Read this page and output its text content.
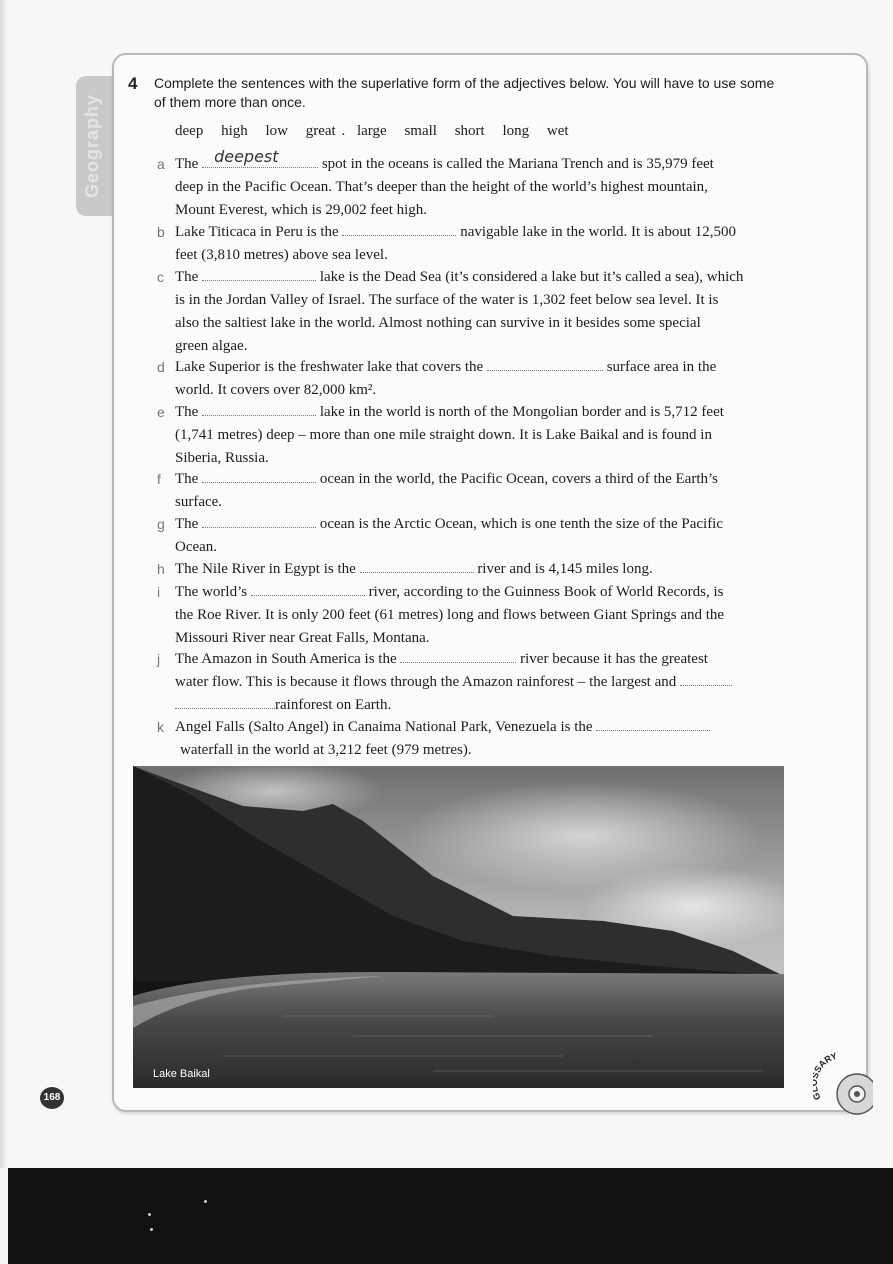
Geography
4 Complete the sentences with the superlative form of the adjectives below. You will have to use some of them more than once.
deep high low great . large small short long wet
a The deepest	spot in the oceans is called the Mariana Trench and is 35,979 feet
deep in the Pacific Ocean. That’s deeper than the height of the world’s highest mountain,
Mount Everest, which is 29,002 feet high.
b Lake Titicaca in Peru is the	navigable lake in the world. It is about 12,500
feet (3,810 metres) above sea level.
c The	lake is the Dead Sea (it’s considered a lake but it’s called a sea), which
is in the Jordan Valley of Israel. The surface of the water is 1,302 feet below sea level. It is
also the saltiest lake in the world. Almost nothing can survive in it besides some special
green algae.
d Lake Superior is the freshwater lake that covers the	surface area in the
world. It covers over 82,000 km².
e The	lake in the world is north of the Mongolian border and is 5,712 feet
(1,741 metres) deep – more than one mile straight down. It is Lake Baikal and is found in
Siberia, Russia.
f The	ocean in the world, the Pacific Ocean, covers a third of the Earth’s
surface.
g The	ocean is the Arctic Ocean, which is one tenth the size of the Pacific
Ocean.
h The Nile River in Egypt is the	river and is 4,145 miles long.
i The world’s	river, according to the Guinness Book of World Records, is
the Roe River. It is only 200 feet (61 metres) long and flows between Giant Springs and the
Missouri River near Great Falls, Montana.
j The Amazon in South America is the	river because it has the greatest
water flow. This is because it flows through the Amazon rainforest – the largest and
rainforest on Earth.
k Angel Falls (Salto Angel) in Canaima National Park, Venezuela is the
waterfall in the world at 3,212 feet (979 metres).
Lake Baikal
168
SARY
